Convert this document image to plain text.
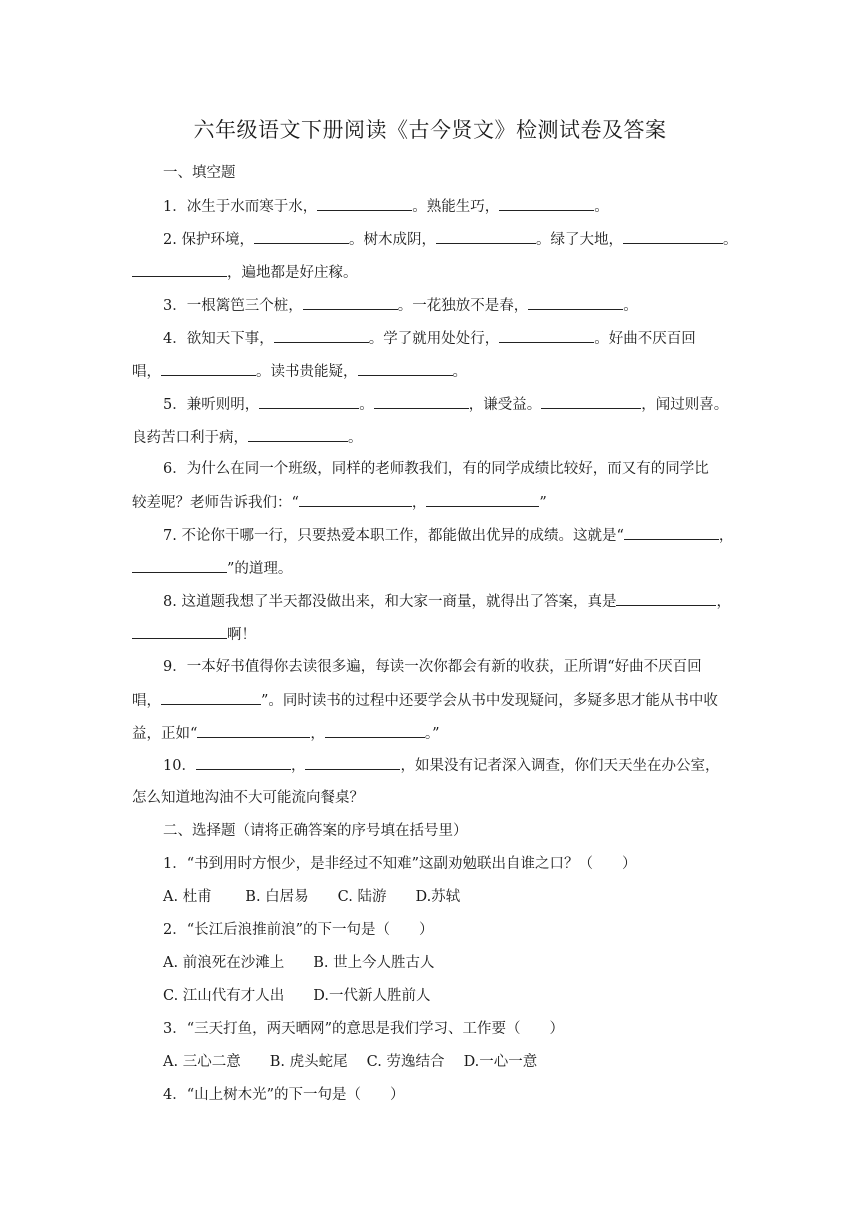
六年级语文下册阅读《古今贤文》检测试卷及答案
一、填空题
1．冰生于水而寒于水，	。熟能生巧，	。
2. 保护环境，	。树木成阴，	。绿了大地，	。
，遍地都是好庄稼。
3．一根篱笆三个桩，	。一花独放不是春，	。
4．欲知天下事，	。学了就用处处行，	。好曲不厌百回
唱，	。读书贵能疑，	。
5．兼听则明，	。	，谦受益。	，闻过则喜。
良药苦口利于病，	。
6．为什么在同一个班级，同样的老师教我们，有的同学成绩比较好，而又有的同学比
较差呢？老师告诉我们：“	，	”
7. 不论你干哪一行，只要热爱本职工作，都能做出优异的成绩。这就是“	，
”的道理。
8. 这道题我想了半天都没做出来，和大家一商量，就得出了答案，真是	，
啊！
9．一本好书值得你去读很多遍，每读一次你都会有新的收获，正所谓“好曲不厌百回
唱，	”。同时读书的过程中还要学会从书中发现疑问，多疑多思才能从书中收
益，正如“	，	。”
10．	，	，如果没有记者深入调查，你们天天坐在办公室，
怎么知道地沟油不大可能流向餐桌？
二、选择题（请将正确答案的序号填在括号里）
1．“书到用时方恨少，是非经过不知难”这副劝勉联出自谁之口？（　　）
A. 杜甫　　 B. 白居易　　C. 陆游　　D.苏轼
2．“长江后浪推前浪”的下一句是（　　）
A. 前浪死在沙滩上　　B. 世上今人胜古人
C. 江山代有才人出　　D.一代新人胜前人
3．“三天打鱼，两天晒网”的意思是我们学习、工作要（　　）
A. 三心二意　　B. 虎头蛇尾　 C. 劳逸结合　 D.一心一意
4．“山上树木光”的下一句是（　　）
